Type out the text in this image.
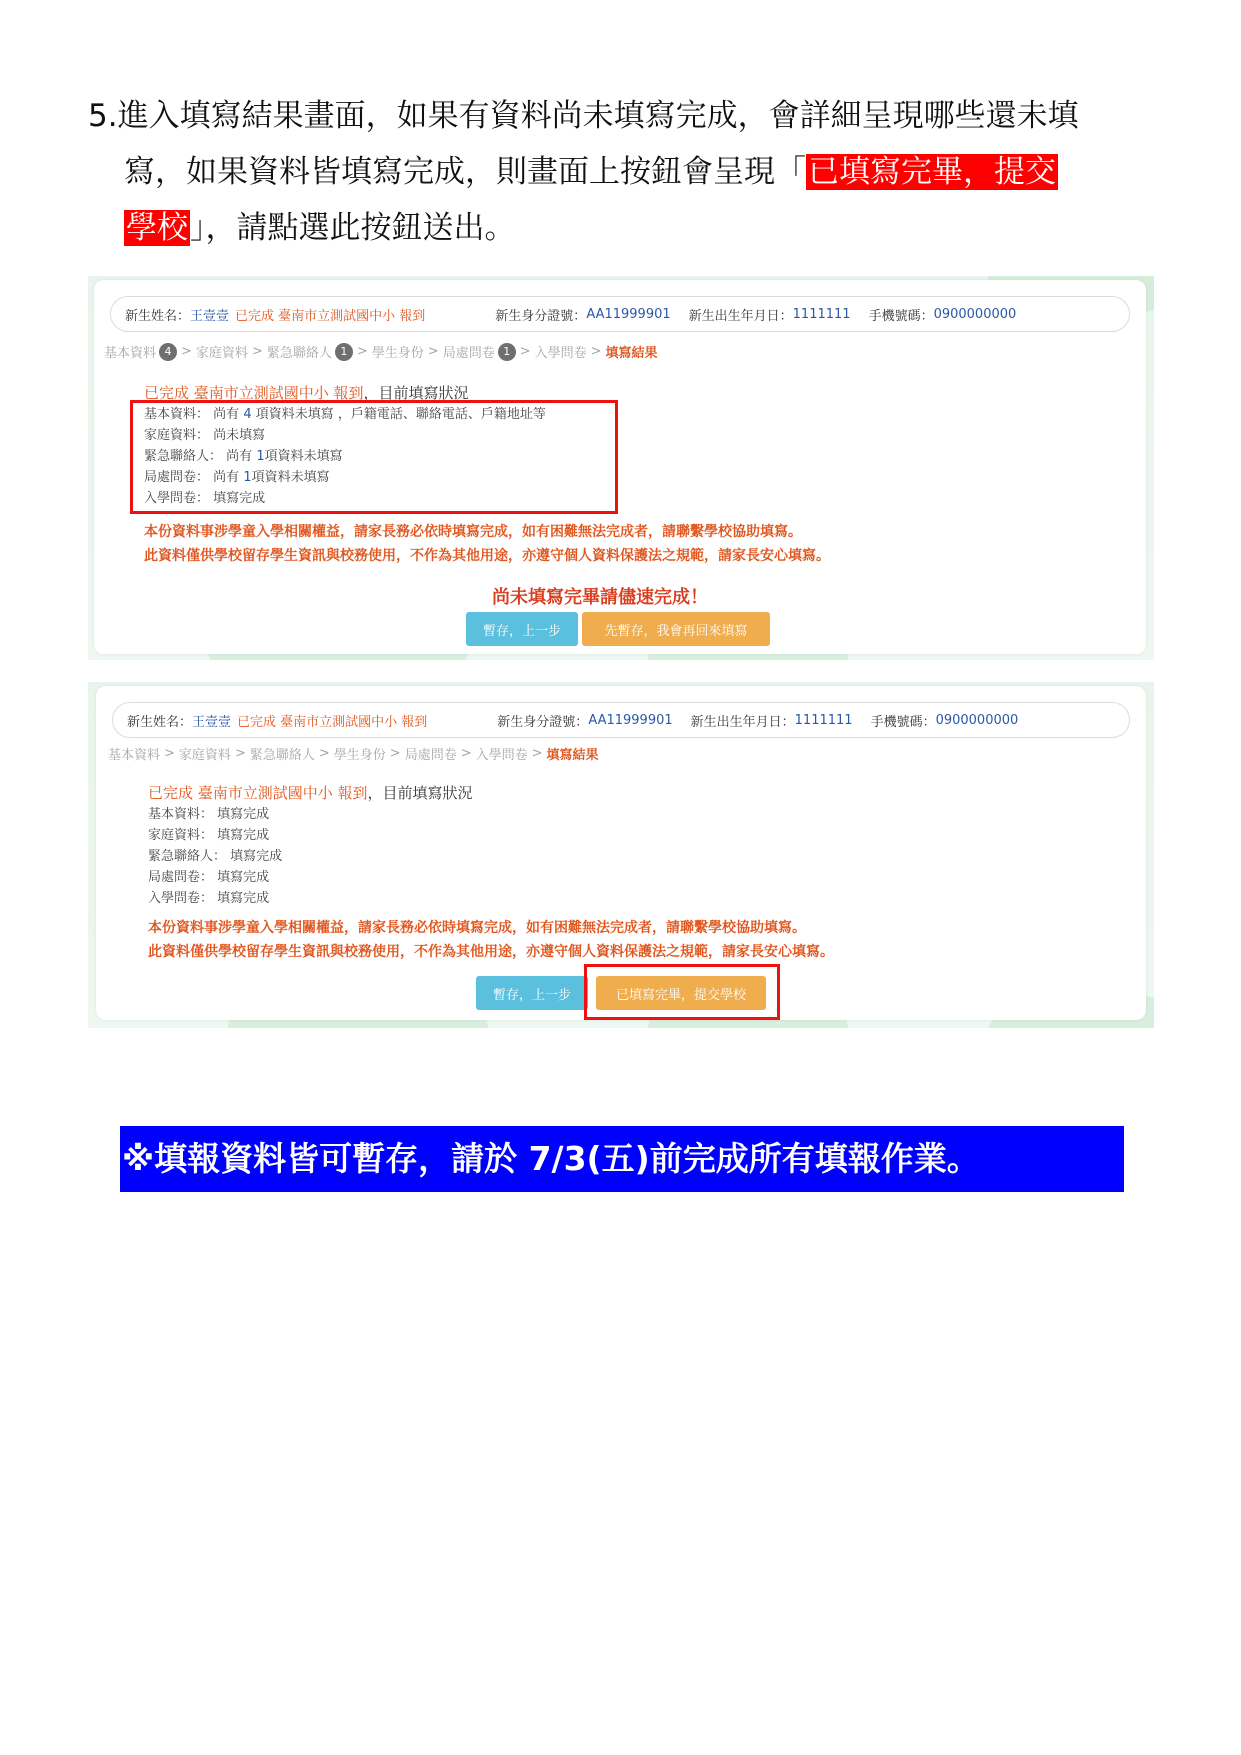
5.進入填寫結果畫面，如果有資料尚未填寫完成，會詳細呈現哪些還未填
寫，如果資料皆填寫完成，則畫面上按鈕會呈現「已填寫完畢，提交
學校」，請點選此按鈕送出。
新生姓名： 王壹壹 已完成 臺南市立測試國中小 報到	新生身分證號： AA11999901 新生出生年月日： 1111111 手機號碼： 0900000000
基本資料 4 > 家庭資料 > 緊急聯絡人 1 > 學生身份 > 局處問卷 1 > 入學問卷 > 填寫結果
已完成 臺南市立測試國中小 報到，目前填寫狀況
基本資料： 尚有 4 項資料未填寫 ，戶籍電話、聯絡電話、戶籍地址等
家庭資料： 尚未填寫
緊急聯絡人： 尚有 1項資料未填寫
局處問卷： 尚有 1項資料未填寫
入學問卷： 填寫完成
本份資料事涉學童入學相關權益，請家長務必依時填寫完成，如有困難無法完成者，請聯繫學校協助填寫。
此資料僅供學校留存學生資訊與校務使用，不作為其他用途，亦遵守個人資料保護法之規範，請家長安心填寫。
尚未填寫完畢請儘速完成！
暫存，上一步	先暫存，我會再回來填寫
新生姓名： 王壹壹 已完成 臺南市立測試國中小 報到	新生身分證號： AA11999901 新生出生年月日： 1111111 手機號碼： 0900000000
基本資料 > 家庭資料 > 緊急聯絡人 > 學生身份 > 局處問卷 > 入學問卷 > 填寫結果
已完成 臺南市立測試國中小 報到，目前填寫狀況
基本資料： 填寫完成
家庭資料： 填寫完成
緊急聯絡人： 填寫完成
局處問卷： 填寫完成
入學問卷： 填寫完成
本份資料事涉學童入學相關權益，請家長務必依時填寫完成，如有困難無法完成者，請聯繫學校協助填寫。
此資料僅供學校留存學生資訊與校務使用，不作為其他用途，亦遵守個人資料保護法之規範，請家長安心填寫。
暫存，上一步	已填寫完畢，提交學校
※填報資料皆可暫存，請於 7/3(五)前完成所有填報作業。
